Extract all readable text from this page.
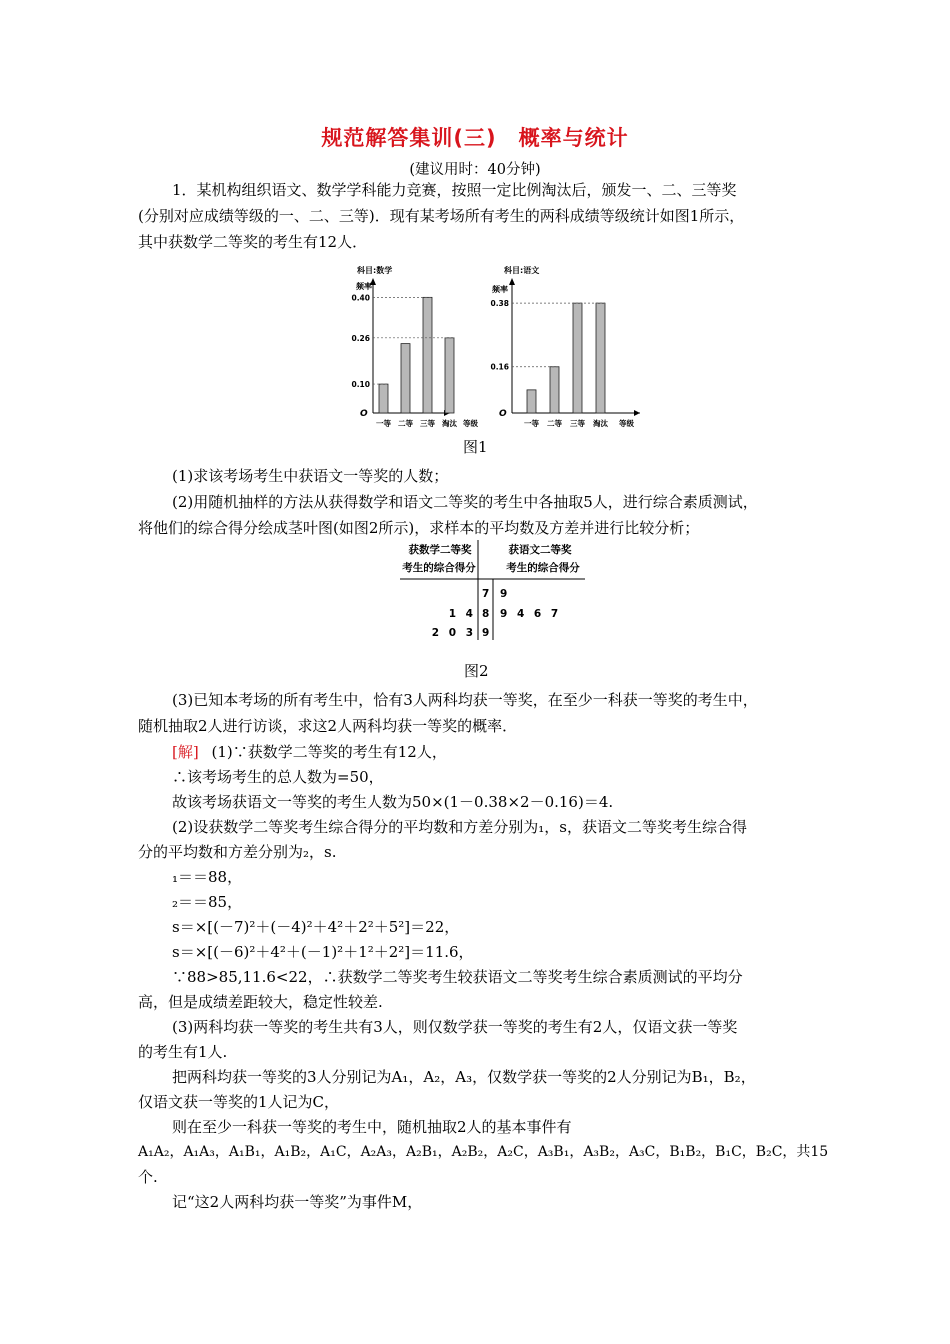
规范解答集训(三)　概率与统计
(建议用时：40分钟)
1．某机构组织语文、数学学科能力竞赛，按照一定比例淘汰后，颁发一、二、三等奖
(分别对应成绩等级的一、二、三等)．现有某考场所有考生的两科成绩等级统计如图1所示，
其中获数学二等奖的考生有12人．
科目:数学
频率
O
一等 二等 三等 淘汰 等级
0.10
0.26
0.40
科目:语文
频率
O
一等 二等 三等 淘汰 等级
0.16
0.38
图1
(1)求该考场考生中获语文一等奖的人数；
(2)用随机抽样的方法从获得数学和语文二等奖的考生中各抽取5人，进行综合素质测试，
将他们的综合得分绘成茎叶图(如图2所示)，求样本的平均数及方差并进行比较分析；
获数学二等奖
考生的综合得分
获语文二等奖
考生的综合得分
7 9
1 4 8 9 4 6 7
2 0 3 9
图2
(3)已知本考场的所有考生中，恰有3人两科均获一等奖，在至少一科获一等奖的考生中，
随机抽取2人进行访谈，求这2人两科均获一等奖的概率．
[解] (1)∵获数学二等奖的考生有12人，
∴该考场考生的总人数为=50，
故该考场获语文一等奖的考生人数为50×(1－0.38×2－0.16)＝4.
(2)设获数学二等奖考生综合得分的平均数和方差分别为₁，s，获语文二等奖考生综合得
分的平均数和方差分别为₂，s.
₁＝＝88，
₂＝＝85，
s＝×[(－7)²＋(－4)²＋4²＋2²＋5²]＝22，
s＝×[(－6)²＋4²＋(－1)²＋1²＋2²]＝11.6，
∵88>85,11.6<22，∴获数学二等奖考生较获语文二等奖考生综合素质测试的平均分
高，但是成绩差距较大，稳定性较差.
(3)两科均获一等奖的考生共有3人，则仅数学获一等奖的考生有2人，仅语文获一等奖
的考生有1人.
把两科均获一等奖的3人分别记为A₁，A₂，A₃，仅数学获一等奖的2人分别记为B₁，B₂，
仅语文获一等奖的1人记为C，
则在至少一科获一等奖的考生中，随机抽取2人的基本事件有
A₁A₂，A₁A₃，A₁B₁，A₁B₂，A₁C，A₂A₃，A₂B₁，A₂B₂，A₂C，A₃B₁，A₃B₂，A₃C，B₁B₂，B₁C，B₂C，共15
个.
记“这2人两科均获一等奖”为事件M，
